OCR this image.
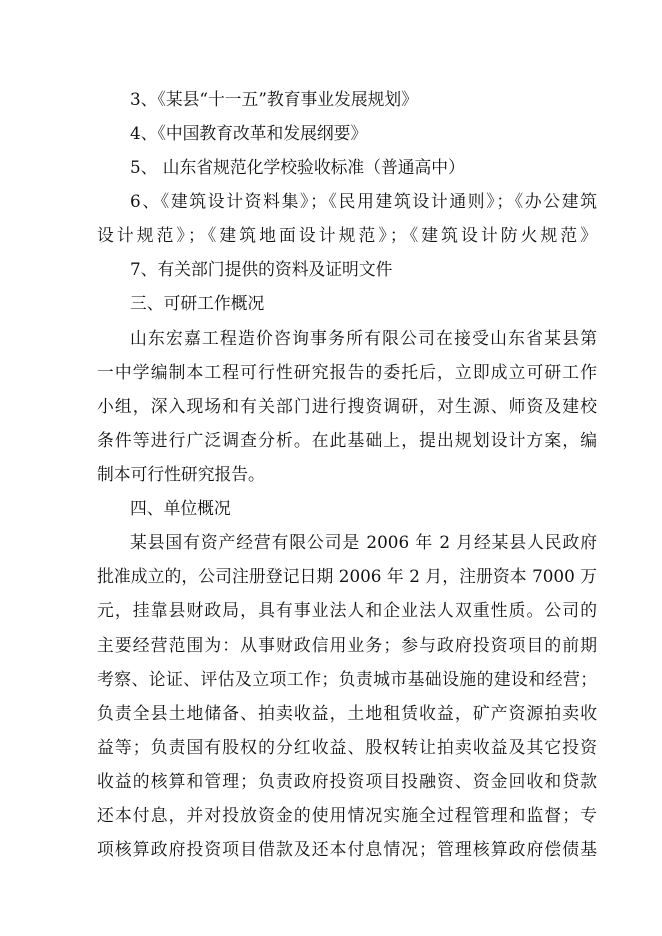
3、《某县“十一五”教育事业发展规划》
4、《中国教育改革和发展纲要》
5、 山东省规范化学校验收标准（普通高中）
6、《建筑设计资料集》；《民用建筑设计通则》；《办公建筑
设计规范》；《建筑地面设计规范》；《建筑设计防火规范》
7、有关部门提供的资料及证明文件
三、可研工作概况
山东宏嘉工程造价咨询事务所有限公司在接受山东省某县第
一中学编制本工程可行性研究报告的委托后，立即成立可研工作
小组，深入现场和有关部门进行搜资调研，对生源、师资及建校
条件等进行广泛调查分析。在此基础上，提出规划设计方案，编
制本可行性研究报告。
四、单位概况
某县国有资产经营有限公司是 2006 年 2 月经某县人民政府
批准成立的，公司注册登记日期 2006 年 2 月，注册资本 7000 万
元，挂靠县财政局，具有事业法人和企业法人双重性质。公司的
主要经营范围为：从事财政信用业务；参与政府投资项目的前期
考察、论证、评估及立项工作；负责城市基础设施的建设和经营；
负责全县土地储备、拍卖收益，土地租赁收益，矿产资源拍卖收
益等；负责国有股权的分红收益、股权转让拍卖收益及其它投资
收益的核算和管理；负责政府投资项目投融资、资金回收和贷款
还本付息，并对投放资金的使用情况实施全过程管理和监督；专
项核算政府投资项目借款及还本付息情况；管理核算政府偿债基
